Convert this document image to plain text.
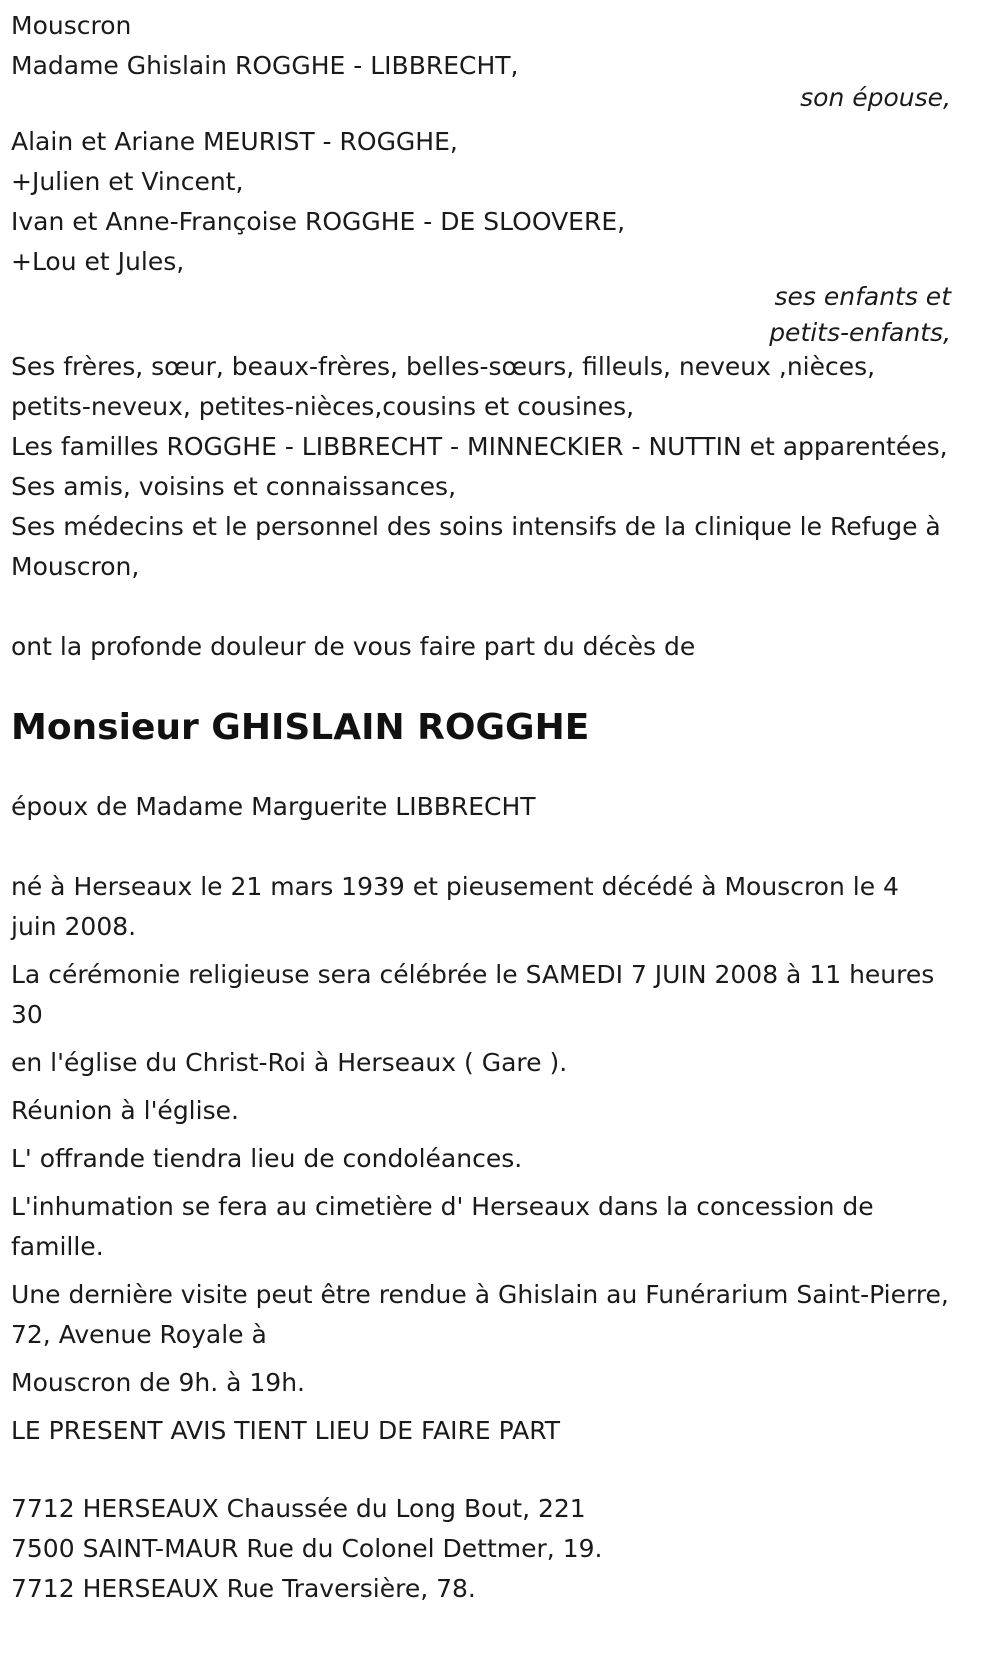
Mouscron
Madame Ghislain ROGGHE - LIBBRECHT,
son épouse,
Alain et Ariane MEURIST - ROGGHE,
+Julien et Vincent,
Ivan et Anne-Françoise ROGGHE - DE SLOOVERE,
+Lou et Jules,
ses enfants et
petits-enfants,
Ses frères, sœur, beaux-frères, belles-sœurs, filleuls, neveux ,nièces, petits-neveux, petites-nièces,cousins et cousines,
Les familles ROGGHE - LIBBRECHT - MINNECKIER - NUTTIN et apparentées,
Ses amis, voisins et connaissances,
Ses médecins et le personnel des soins intensifs de la clinique le Refuge à Mouscron,
ont la profonde douleur de vous faire part du décès de
Monsieur GHISLAIN ROGGHE
époux de Madame Marguerite LIBBRECHT
né à Herseaux le 21 mars 1939 et pieusement décédé à Mouscron le 4 juin 2008.
La cérémonie religieuse sera célébrée le SAMEDI 7 JUIN 2008 à 11 heures 30
en l'église du Christ-Roi à Herseaux ( Gare ).
Réunion à l'église.
L' offrande tiendra lieu de condoléances.
L'inhumation se fera au cimetière d' Herseaux dans la concession de famille.
Une dernière visite peut être rendue à Ghislain au Funérarium Saint-Pierre, 72, Avenue Royale à
Mouscron de 9h. à 19h.
LE PRESENT AVIS TIENT LIEU DE FAIRE PART
7712 HERSEAUX Chaussée du Long Bout, 221
7500 SAINT-MAUR Rue du Colonel Dettmer, 19.
7712 HERSEAUX Rue Traversière, 78.
